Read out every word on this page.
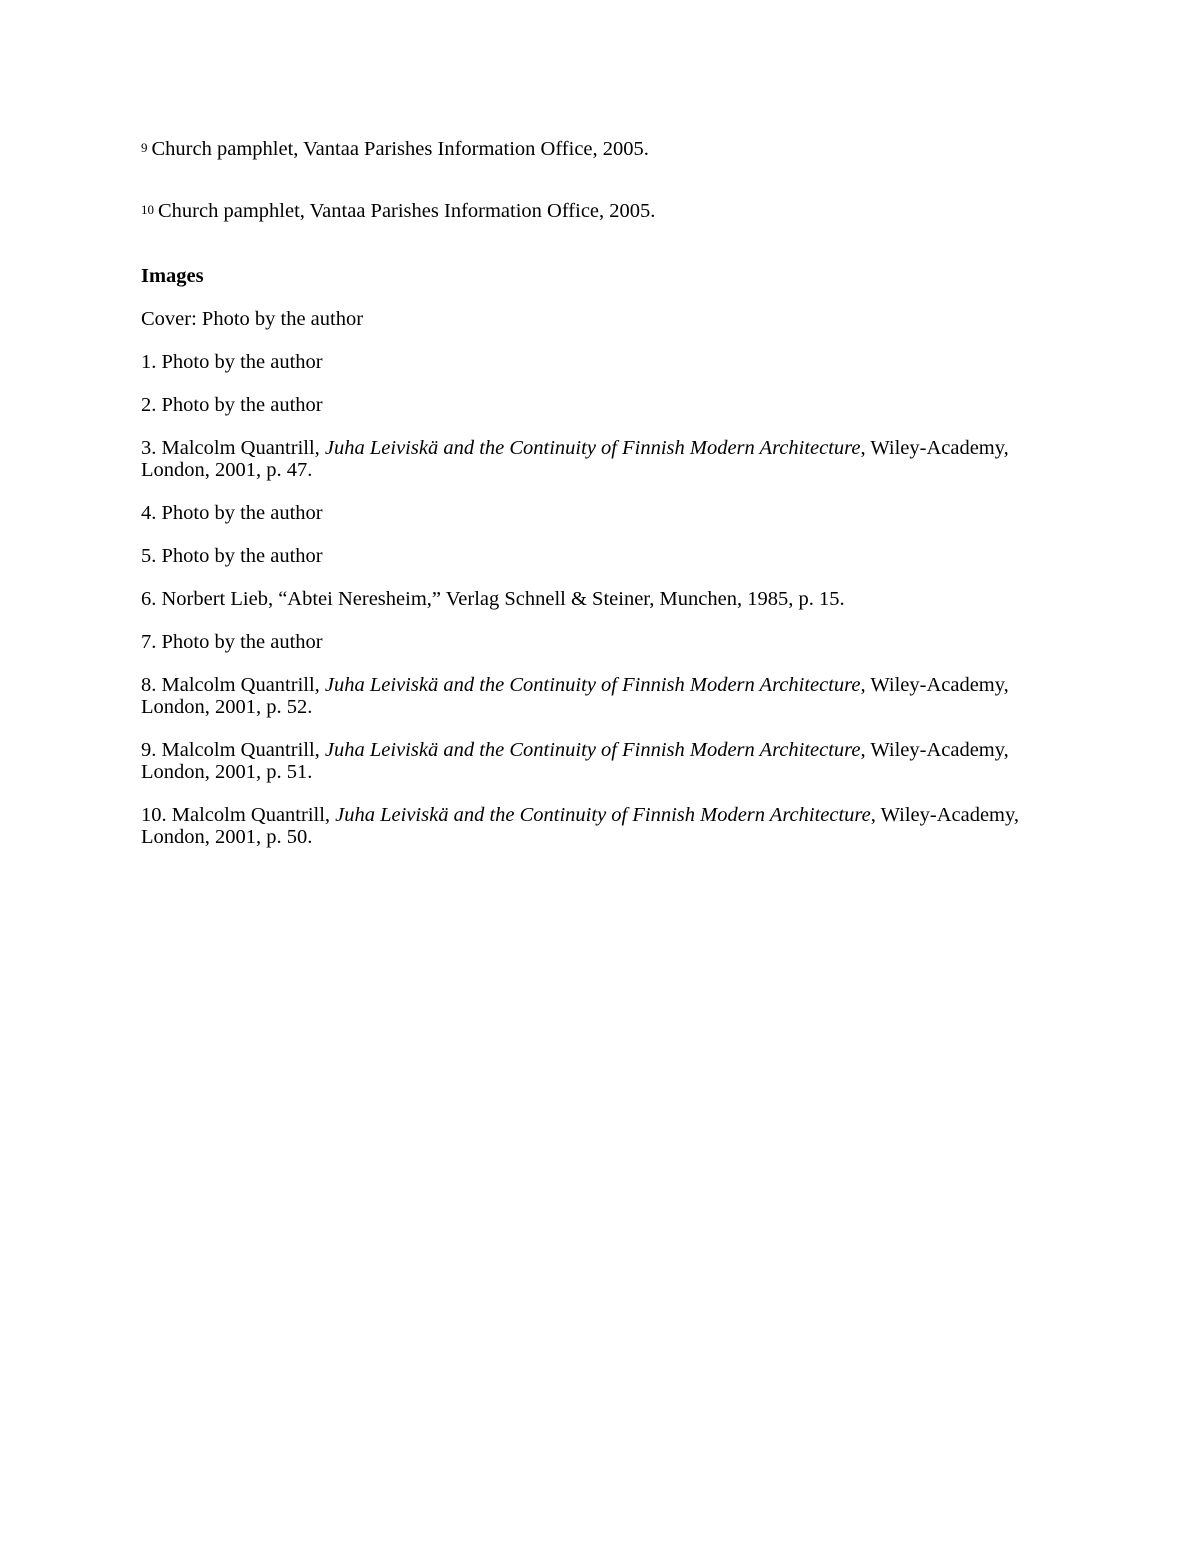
9 Church pamphlet, Vantaa Parishes Information Office, 2005.

10 Church pamphlet, Vantaa Parishes Information Office, 2005.

Images

Cover: Photo by the author

1. Photo by the author

2. Photo by the author

3. Malcolm Quantrill, Juha Leiviskä and the Continuity of Finnish Modern Architecture, Wiley-Academy, London, 2001, p. 47.

4. Photo by the author

5. Photo by the author

6. Norbert Lieb, “Abtei Neresheim,” Verlag Schnell & Steiner, Munchen, 1985, p. 15.

7. Photo by the author

8. Malcolm Quantrill, Juha Leiviskä and the Continuity of Finnish Modern Architecture, Wiley-Academy, London, 2001, p. 52.

9. Malcolm Quantrill, Juha Leiviskä and the Continuity of Finnish Modern Architecture, Wiley-Academy, London, 2001, p. 51.

10. Malcolm Quantrill, Juha Leiviskä and the Continuity of Finnish Modern Architecture, Wiley-Academy, London, 2001, p. 50.
